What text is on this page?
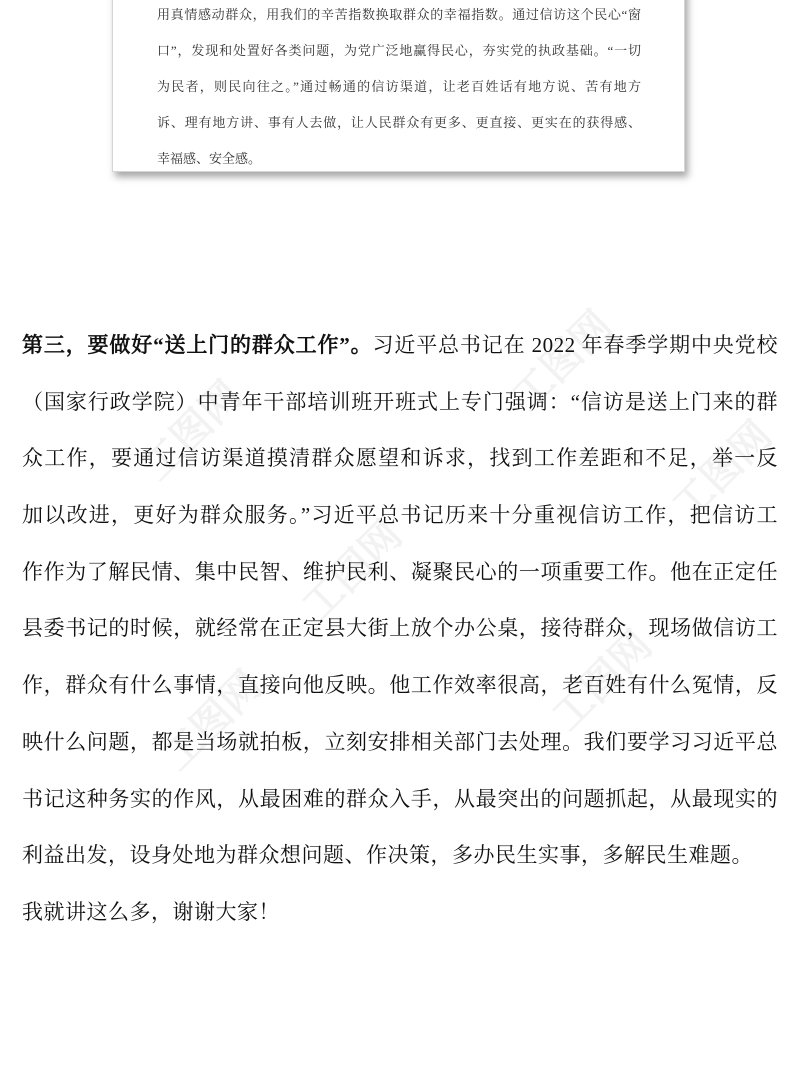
用真情感动群众，用我们的辛苦指数换取群众的幸福指数。通过信访这个民心“窗
口”，发现和处置好各类问题，为党广泛地赢得民心，夯实党的执政基础。“一切
为民者，则民向往之。”通过畅通的信访渠道，让老百姓话有地方说、苦有地方
诉、理有地方讲、事有人去做，让人民群众有更多、更直接、更实在的获得感、
幸福感、安全感。
工图网
工图网	工图网
工图网
工图网
工图网
第三，要做好“送上门的群众工作”。习近平总书记在 2022 年春季学期中央党校
（国家行政学院）中青年干部培训班开班式上专门强调：“信访是送上门来的群
众工作，要通过信访渠道摸清群众愿望和诉求，找到工作差距和不足，举一反
加以改进，更好为群众服务。”习近平总书记历来十分重视信访工作，把信访工
作作为了解民情、集中民智、维护民利、凝聚民心的一项重要工作。他在正定任
县委书记的时候，就经常在正定县大街上放个办公桌，接待群众，现场做信访工
作，群众有什么事情，直接向他反映。他工作效率很高，老百姓有什么冤情，反
映什么问题，都是当场就拍板，立刻安排相关部门去处理。我们要学习习近平总
书记这种务实的作风，从最困难的群众入手，从最突出的问题抓起，从最现实的
利益出发，设身处地为群众想问题、作决策，多办民生实事，多解民生难题。
我就讲这么多，谢谢大家！
